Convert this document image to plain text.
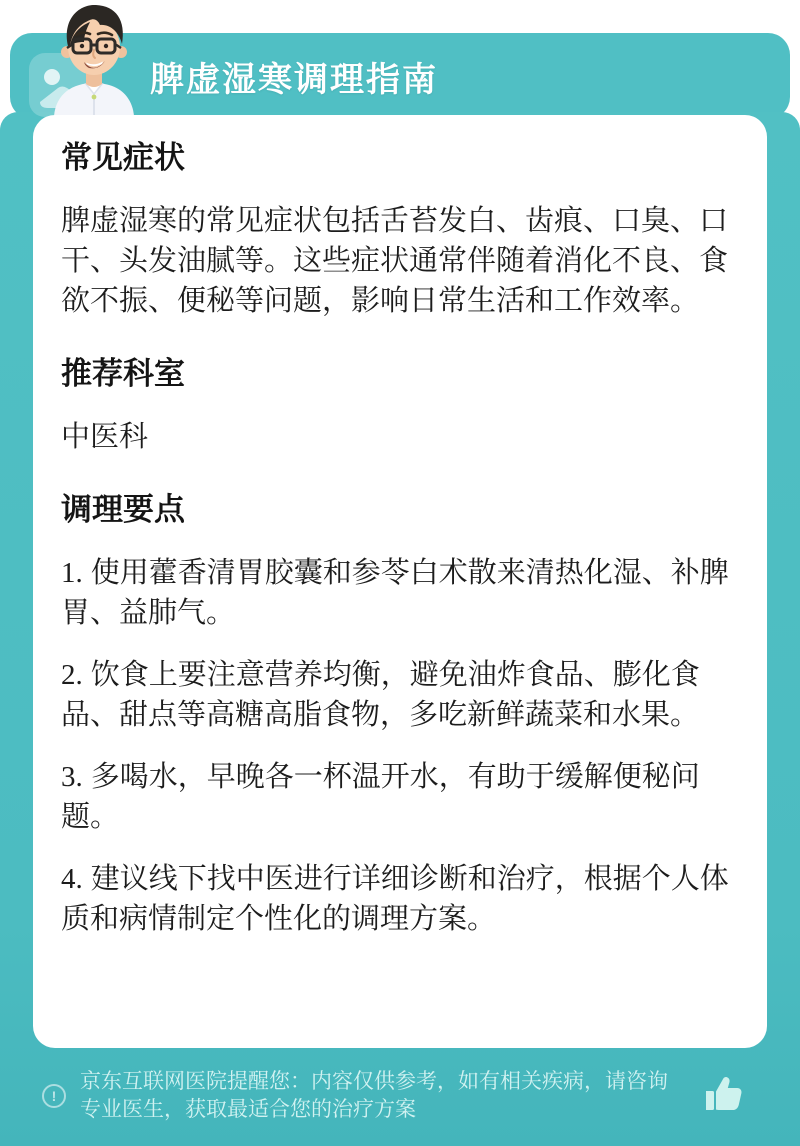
脾虚湿寒调理指南
常见症状

脾虚湿寒的常见症状包括舌苔发白、齿痕、口臭、口干、头发油腻等。这些症状通常伴随着消化不良、食欲不振、便秘等问题，影响日常生活和工作效率。

推荐科室

中医科

调理要点

1. 使用藿香清胃胶囊和参苓白术散来清热化湿、补脾胃、益肺气。

2. 饮食上要注意营养均衡，避免油炸食品、膨化食品、甜点等高糖高脂食物，多吃新鲜蔬菜和水果。

3. 多喝水，早晚各一杯温开水，有助于缓解便秘问题。

4. 建议线下找中医进行详细诊断和治疗，根据个人体质和病情制定个性化的调理方案。

!
京东互联网医院提醒您：内容仅供参考，如有相关疾病，请咨询专业医生，获取最适合您的治疗方案
